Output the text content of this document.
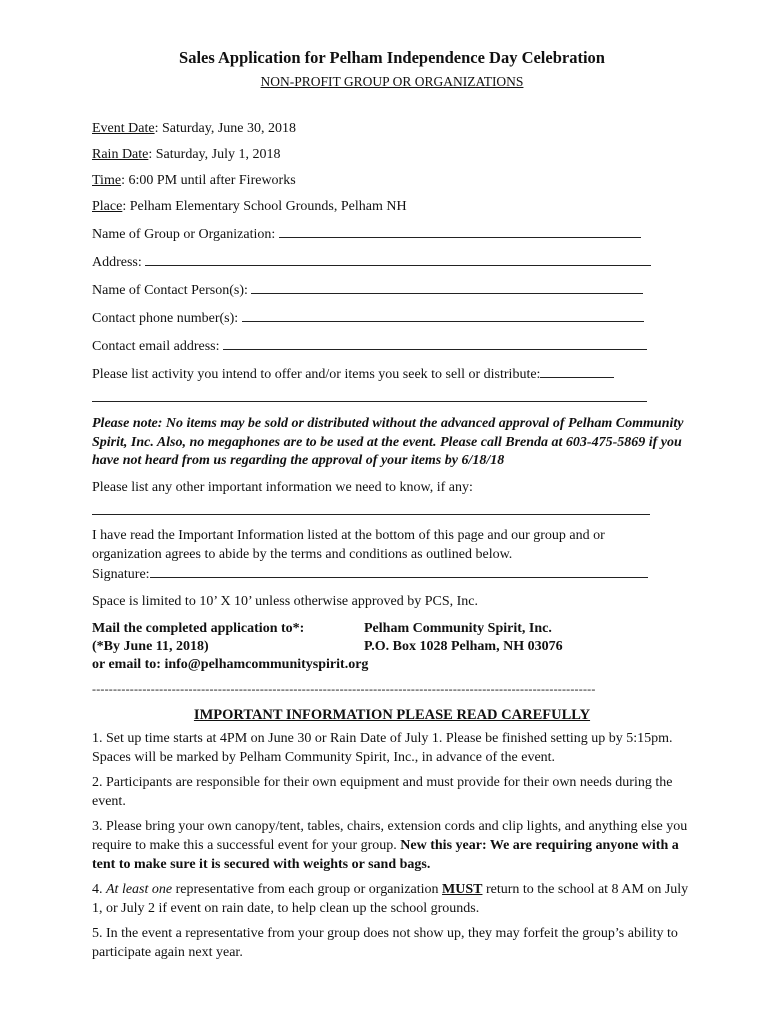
Sales Application for Pelham Independence Day Celebration
NON-PROFIT GROUP OR ORGANIZATIONS

Event Date: Saturday, June 30, 2018

Rain Date: Saturday, July 1, 2018

Time: 6:00 PM until after Fireworks

Place: Pelham Elementary School Grounds, Pelham NH

Name of Group or Organization:

Address:

Name of Contact Person(s):

Contact phone number(s):

Contact email address:

Please list activity you intend to offer and/or items you seek to sell or distribute:

Please note: No items may be sold or distributed without the advanced approval of Pelham Community Spirit, Inc. Also, no megaphones are to be used at the event. Please call Brenda at 603-475-5869 if you have not heard from us regarding the approval of your items by 6/18/18

Please list any other important information we need to know, if any:

I have read the Important Information listed at the bottom of this page and our group and or organization agrees to abide by the terms and conditions as outlined below.

Signature:

Space is limited to 10’ X 10’ unless otherwise approved by PCS, Inc.

Mail the completed application to*:	Pelham Community Spirit, Inc.
(*By June 11, 2018)	P.O. Box 1028 Pelham, NH 03076
or email to: info@pelhamcommunityspirit.org
------------------------------------------------------------------------------------------------------------------------
IMPORTANT INFORMATION PLEASE READ CAREFULLY

1. Set up time starts at 4PM on June 30 or Rain Date of July 1. Please be finished setting up by 5:15pm. Spaces will be marked by Pelham Community Spirit, Inc., in advance of the event.

2. Participants are responsible for their own equipment and must provide for their own needs during the event.

3. Please bring your own canopy/tent, tables, chairs, extension cords and clip lights, and anything else you require to make this a successful event for your group. New this year: We are requiring anyone with a tent to make sure it is secured with weights or sand bags.

4. At least one representative from each group or organization MUST return to the school at 8 AM on July 1, or July 2 if event on rain date, to help clean up the school grounds.

5. In the event a representative from your group does not show up, they may forfeit the group’s ability to participate again next year.
